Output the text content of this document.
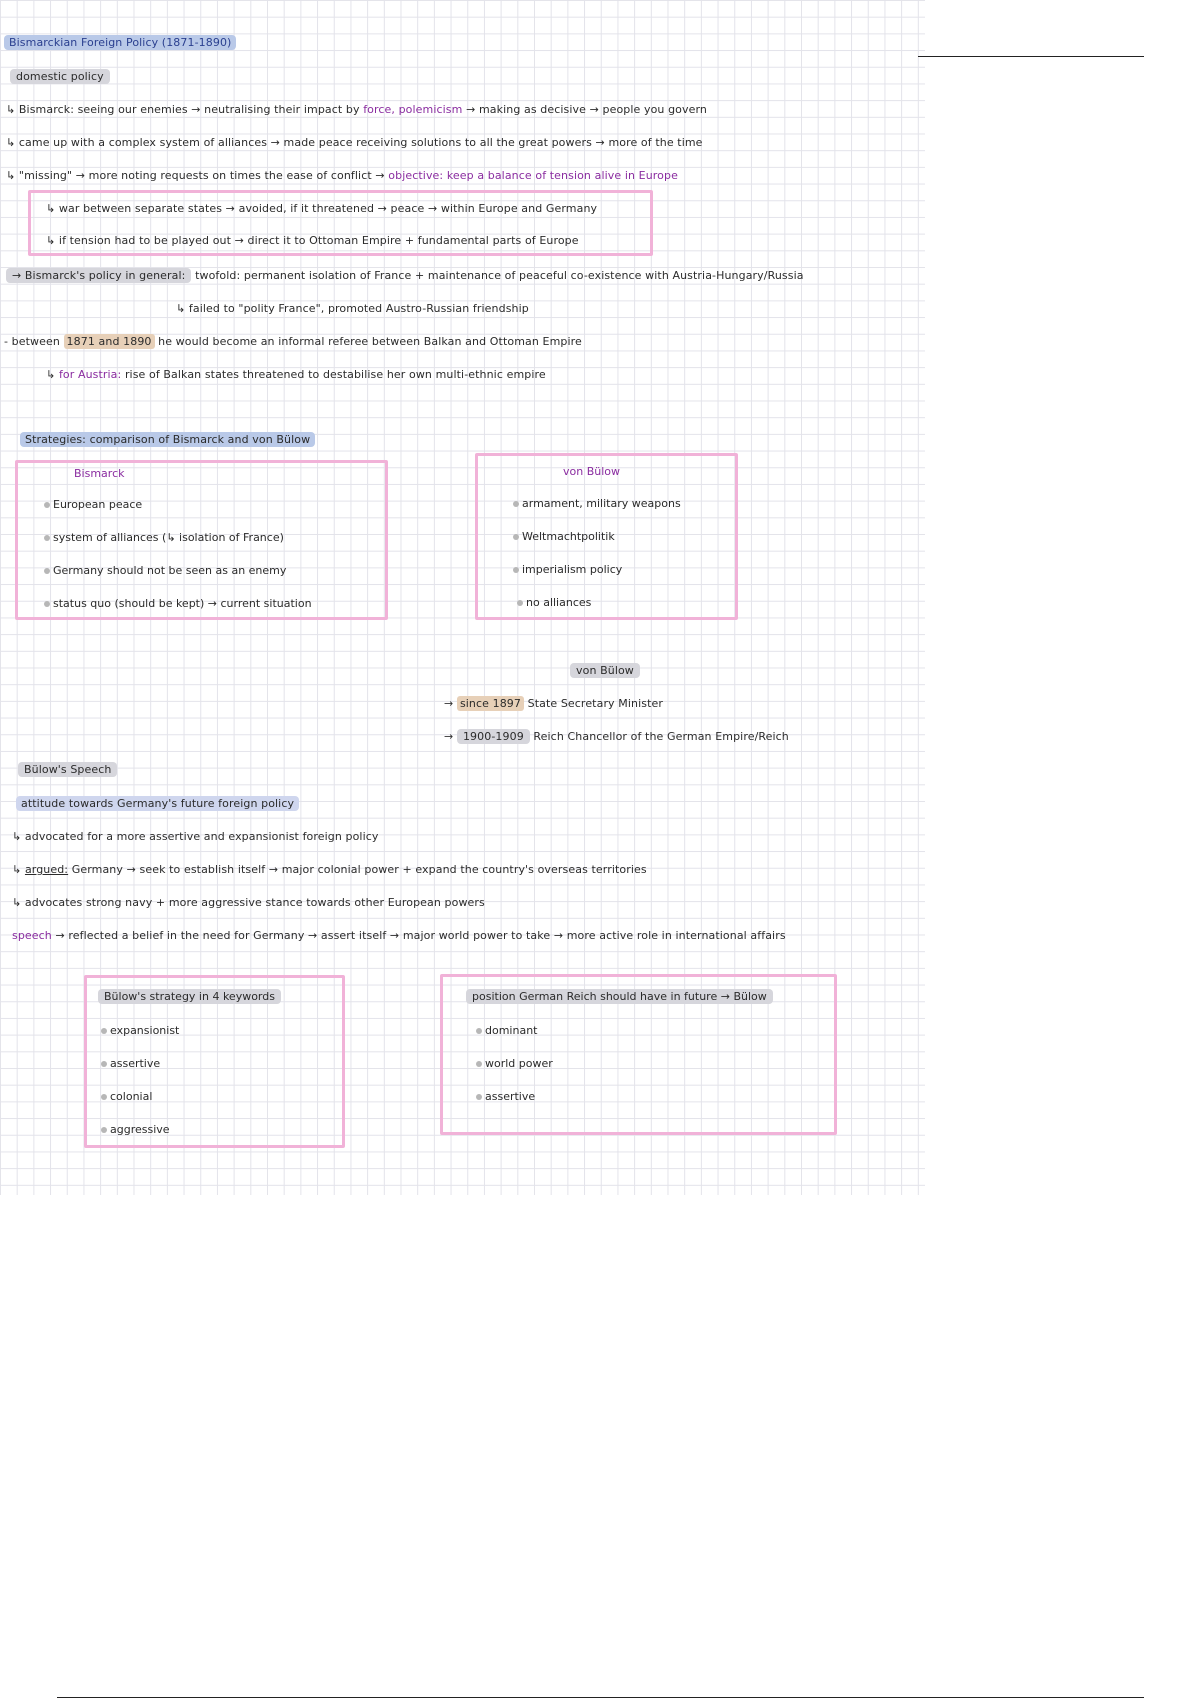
Bismarckian Foreign Policy (1871-1890)
domestic policy
↳ Bismarck: seeing our enemies → neutralising their impact by force, polemicism → making as decisive → people you govern
↳ came up with a complex system of alliances → made peace receiving solutions to all the great powers → more of the time
↳ "missing" → more noting requests on times the ease of conflict → objective: keep a balance of tension alive in Europe
↳ war between separate states → avoided, if it threatened → peace → within Europe and Germany
↳ if tension had to be played out → direct it to Ottoman Empire + fundamental parts of Europe
→ Bismarck's policy in general: twofold: permanent isolation of France + maintenance of peaceful co-existence with Austria-Hungary/Russia
↳ failed to "polity France", promoted Austro-Russian friendship
- between 1871 and 1890 he would become an informal referee between Balkan and Ottoman Empire
↳ for Austria: rise of Balkan states threatened to destabilise her own multi-ethnic empire
Strategies: comparison of Bismarck and von Bülow
Bismarck
European peace
system of alliances (↳ isolation of France)
Germany should not be seen as an enemy
status quo (should be kept) → current situation
von Bülow
armament, military weapons
Weltmachtpolitik
imperialism policy
no alliances
von Bülow
→ since 1897 State Secretary Minister
→ 1900-1909 Reich Chancellor of the German Empire/Reich
Bülow's Speech
attitude towards Germany's future foreign policy
↳ advocated for a more assertive and expansionist foreign policy
↳ argued: Germany → seek to establish itself → major colonial power + expand the country's overseas territories
↳ advocates strong navy + more aggressive stance towards other European powers
speech → reflected a belief in the need for Germany → assert itself → major world power to take → more active role in international affairs
Bülow's strategy in 4 keywords
expansionist
assertive
colonial
aggressive
position German Reich should have in future → Bülow
dominant
world power
assertive
